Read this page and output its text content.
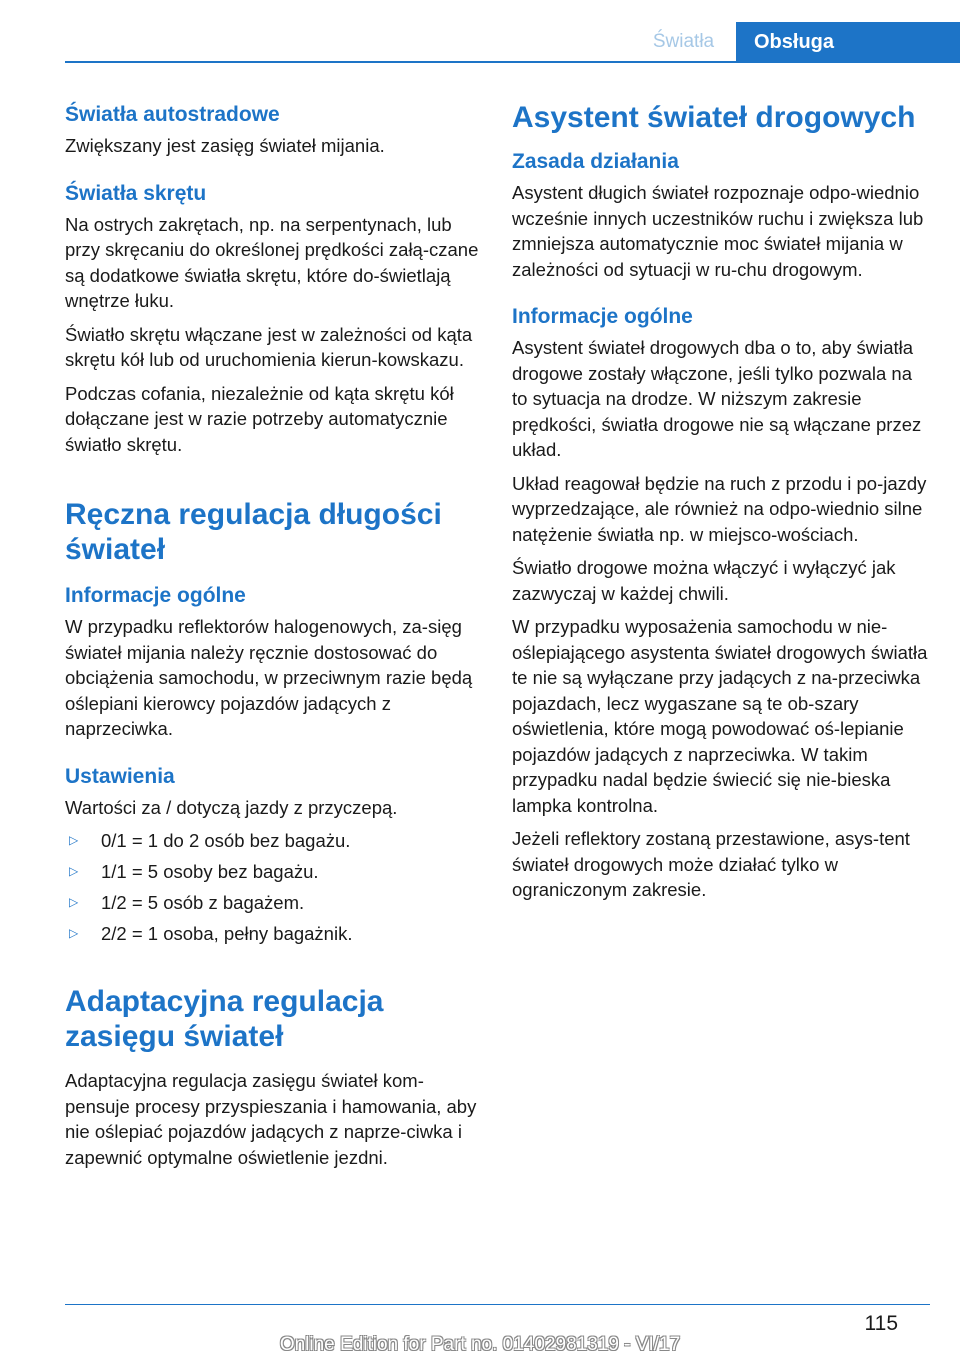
Światła	Obsługa
Światła autostradowe

Zwiększany jest zasięg świateł mijania.

Światła skrętu

Na ostrych zakrętach, np. na serpentynach, lub przy skręcaniu do określonej prędkości załą-czane są dodatkowe światła skrętu, które do-świetlają wnętrze łuku.

Światło skrętu włączane jest w zależności od kąta skrętu kół lub od uruchomienia kierun-kowskazu.

Podczas cofania, niezależnie od kąta skrętu kół dołączane jest w razie potrzeby automatycznie światło skrętu.

Ręczna regulacja długości świateł
Informacje ogólne

W przypadku reflektorów halogenowych, za-sięg świateł mijania należy ręcznie dostosować do obciążenia samochodu, w przeciwnym razie będą oślepiani kierowcy pojazdów jadących z naprzeciwka.

Ustawienia

Wartości za / dotyczą jazdy z przyczepą.

▷ 0/1 = 1 do 2 osób bez bagażu.
▷ 1/1 = 5 osoby bez bagażu.
▷ 1/2 = 5 osób z bagażem.
▷ 2/2 = 1 osoba, pełny bagażnik.
Adaptacyjna regulacja zasięgu świateł

Adaptacyjna regulacja zasięgu świateł kom-pensuje procesy przyspieszania i hamowania, aby nie oślepiać pojazdów jadących z naprze-ciwka i zapewnić optymalne oświetlenie jezdni.

Asystent świateł drogowych
Zasada działania

Asystent długich świateł rozpoznaje odpo-wiednio wcześnie innych uczestników ruchu i zwiększa lub zmniejsza automatycznie moc świateł mijania w zależności od sytuacji w ru-chu drogowym.

Informacje ogólne

Asystent świateł drogowych dba o to, aby światła drogowe zostały włączone, jeśli tylko pozwala na to sytuacja na drodze. W niższym zakresie prędkości, światła drogowe nie są włączane przez układ.

Układ reagował będzie na ruch z przodu i po-jazdy wyprzedzające, ale również na odpo-wiednio silne natężenie światła np. w miejsco-wościach.

Światło drogowe można włączyć i wyłączyć jak zazwyczaj w każdej chwili.

W przypadku wyposażenia samochodu w nie-oślepiającego asystenta świateł drogowych światła te nie są wyłączane przy jadących z na-przeciwka pojazdach, lecz wygaszane są te ob-szary oświetlenia, które mogą powodować oś-lepianie pojazdów jadących z naprzeciwka. W takim przypadku nadal będzie świecić się nie-bieska lampka kontrolna.

Jeżeli reflektory zostaną przestawione, asys-tent świateł drogowych może działać tylko w ograniczonym zakresie.

115
Online Edition for Part no. 01402981319 - VI/17
